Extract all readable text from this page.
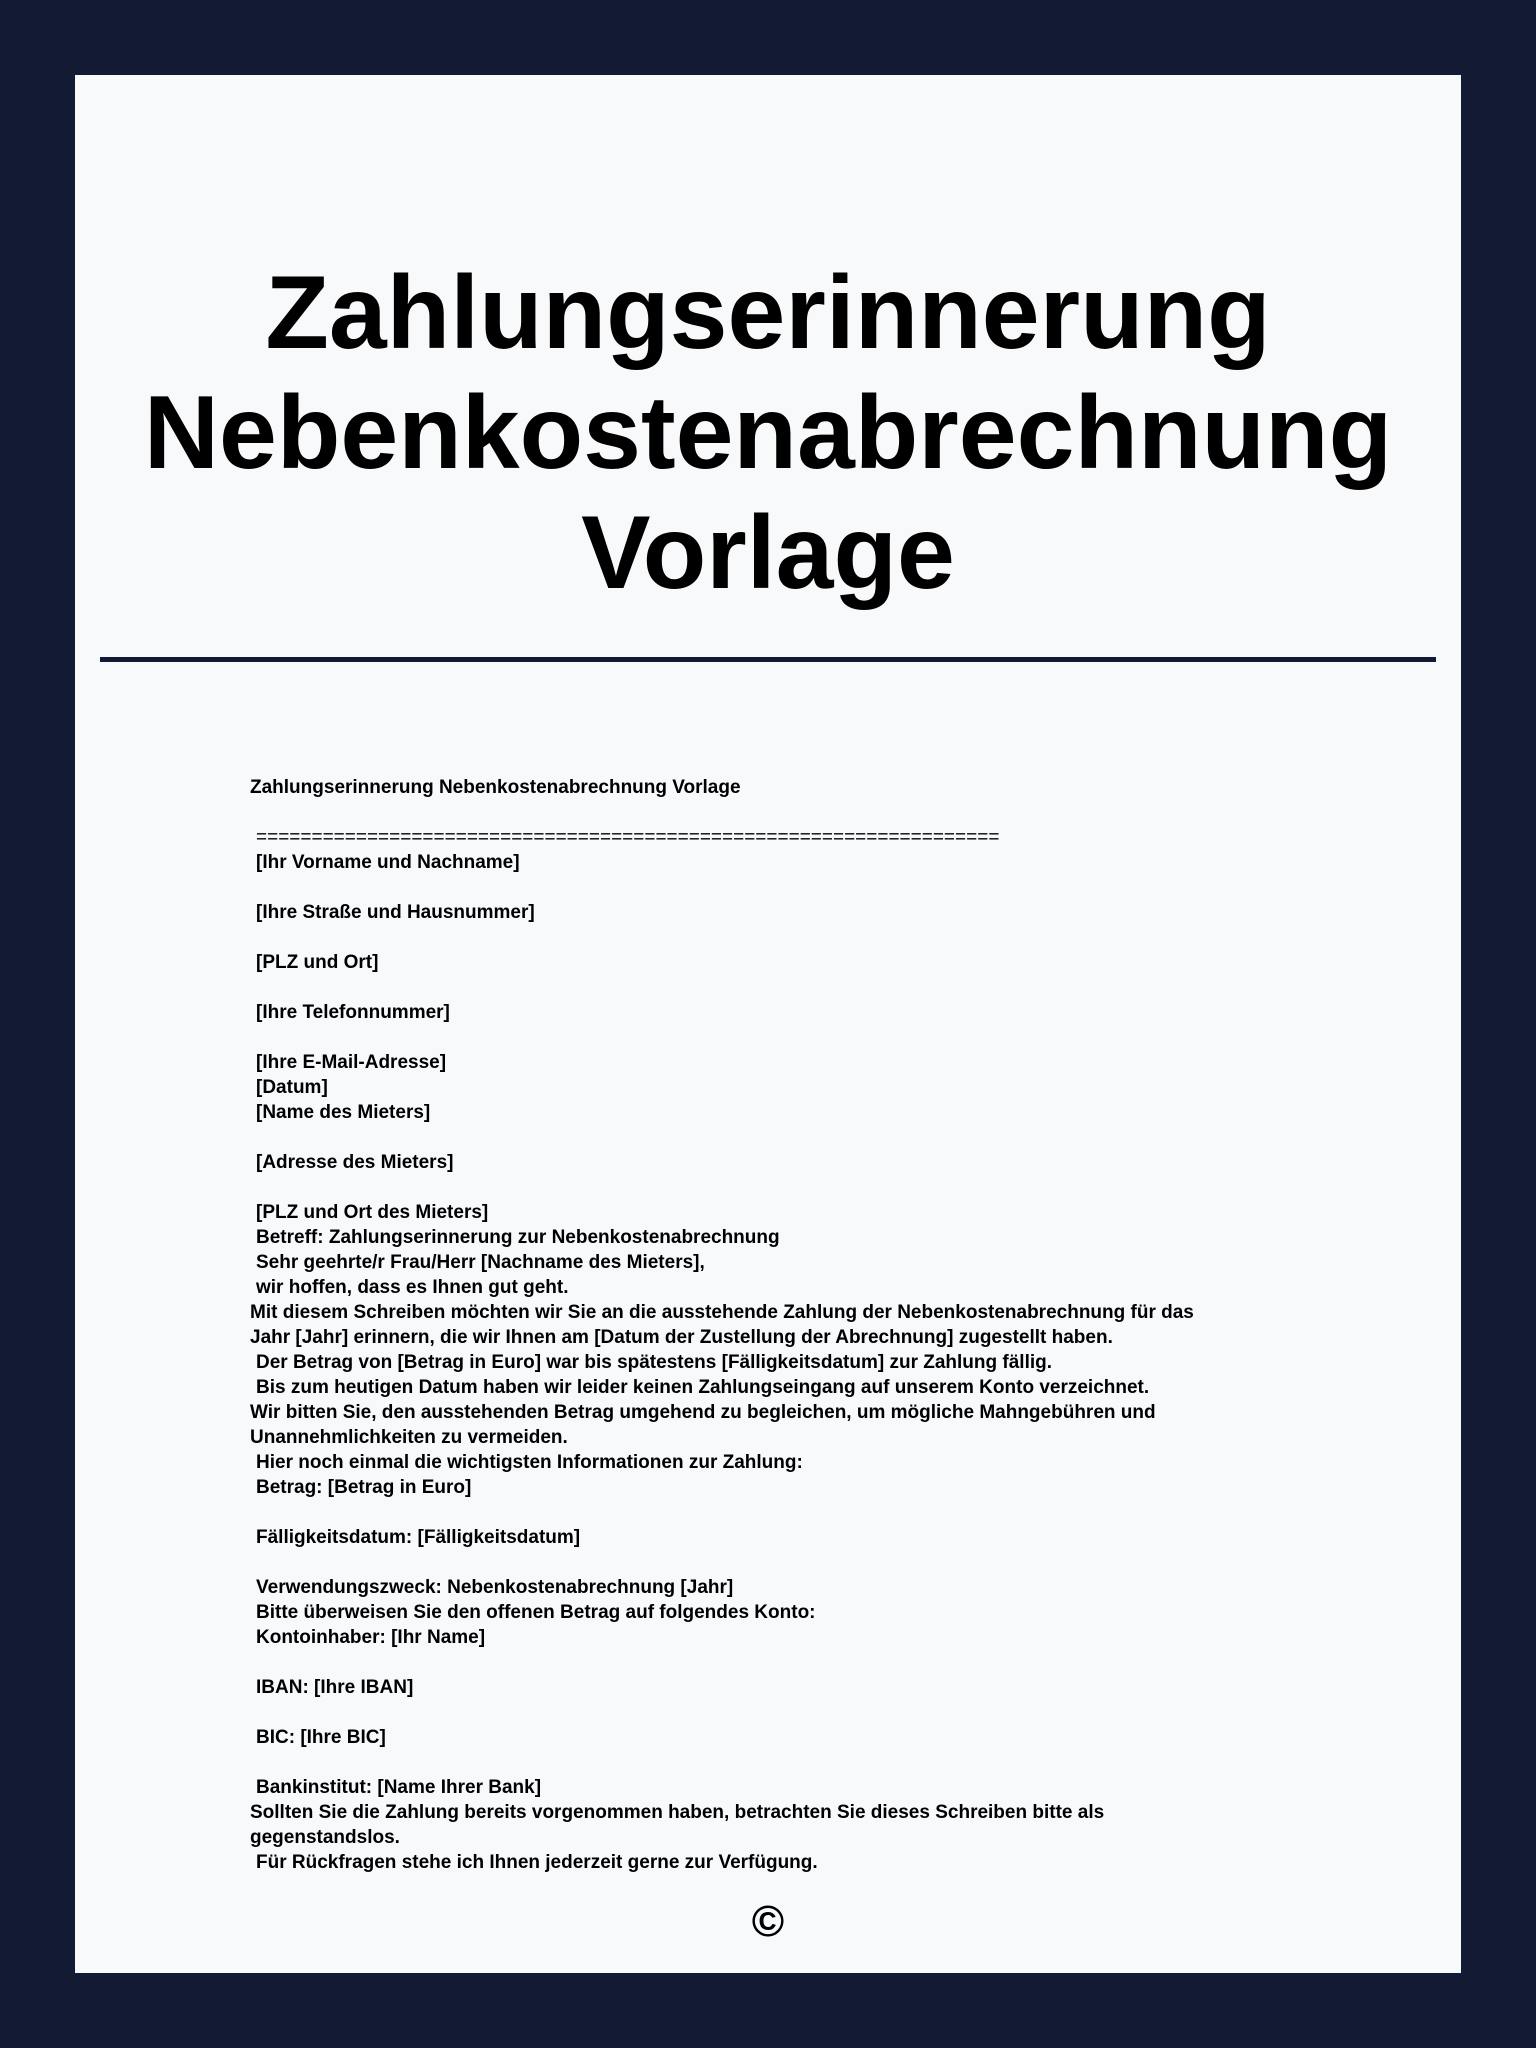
Zahlungserinnerung
Nebenkostenabrechnung
Vorlage

Zahlungserinnerung Nebenkostenabrechnung Vorlage

===================================================================
[Ihr Vorname und Nachname]
[Ihre Straße und Hausnummer]
[PLZ und Ort]
[Ihre Telefonnummer]
[Ihre E-Mail-Adresse]
[Datum]
[Name des Mieters]
[Adresse des Mieters]
[PLZ und Ort des Mieters]
Betreff: Zahlungserinnerung zur Nebenkostenabrechnung
Sehr geehrte/r Frau/Herr [Nachname des Mieters],
wir hoffen, dass es Ihnen gut geht.
Mit diesem Schreiben möchten wir Sie an die ausstehende Zahlung der Nebenkostenabrechnung für das
Jahr [Jahr] erinnern, die wir Ihnen am [Datum der Zustellung der Abrechnung] zugestellt haben.
Der Betrag von [Betrag in Euro] war bis spätestens [Fälligkeitsdatum] zur Zahlung fällig.
Bis zum heutigen Datum haben wir leider keinen Zahlungseingang auf unserem Konto verzeichnet.
Wir bitten Sie, den ausstehenden Betrag umgehend zu begleichen, um mögliche Mahngebühren und
Unannehmlichkeiten zu vermeiden.
Hier noch einmal die wichtigsten Informationen zur Zahlung:
Betrag: [Betrag in Euro]
Fälligkeitsdatum: [Fälligkeitsdatum]
Verwendungszweck: Nebenkostenabrechnung [Jahr]
Bitte überweisen Sie den offenen Betrag auf folgendes Konto:
Kontoinhaber: [Ihr Name]
IBAN: [Ihre IBAN]
BIC: [Ihre BIC]
Bankinstitut: [Name Ihrer Bank]
Sollten Sie die Zahlung bereits vorgenommen haben, betrachten Sie dieses Schreiben bitte als
gegenstandslos.
Für Rückfragen stehe ich Ihnen jederzeit gerne zur Verfügung.
©
